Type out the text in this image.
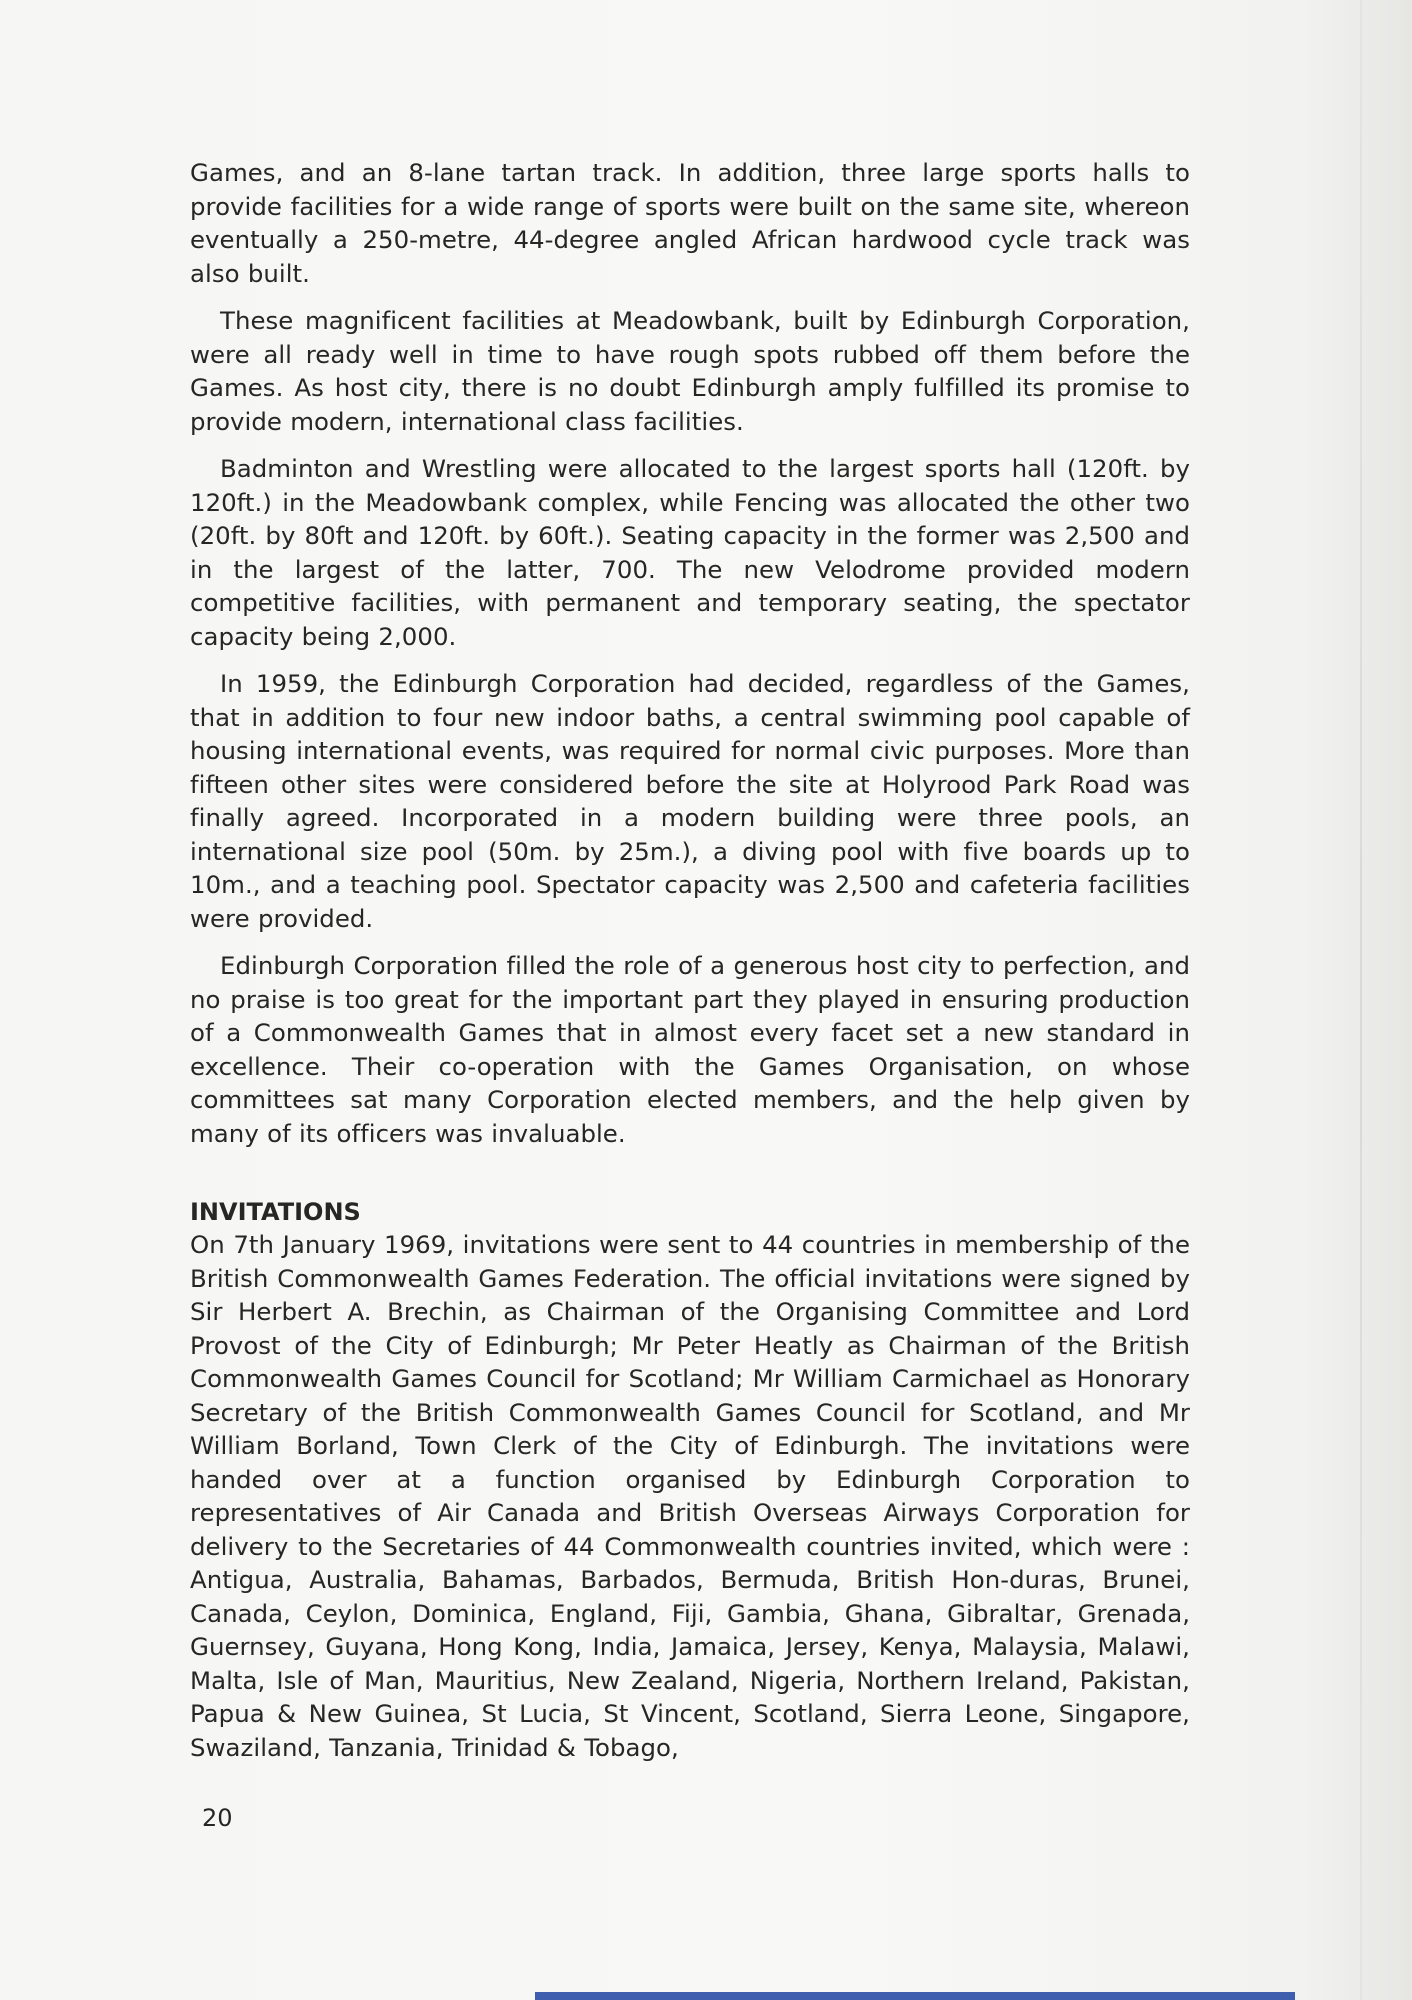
Games, and an 8-lane tartan track. In addition, three large sports halls to provide facilities for a wide range of sports were built on the same site, whereon eventually a 250-metre, 44-degree angled African hardwood cycle track was also built.

These magnificent facilities at Meadowbank, built by Edinburgh Corporation, were all ready well in time to have rough spots rubbed off them before the Games. As host city, there is no doubt Edinburgh amply fulfilled its promise to provide modern, international class facilities.

Badminton and Wrestling were allocated to the largest sports hall (120ft. by 120ft.) in the Meadowbank complex, while Fencing was allocated the other two (20ft. by 80ft and 120ft. by 60ft.). Seating capacity in the former was 2,500 and in the largest of the latter, 700. The new Velodrome provided modern competitive facilities, with permanent and temporary seating, the spectator capacity being 2,000.

In 1959, the Edinburgh Corporation had decided, regardless of the Games, that in addition to four new indoor baths, a central swimming pool capable of housing international events, was required for normal civic purposes. More than fifteen other sites were considered before the site at Holyrood Park Road was finally agreed. Incorporated in a modern building were three pools, an international size pool (50m. by 25m.), a diving pool with five boards up to 10m., and a teaching pool. Spectator capacity was 2,500 and cafeteria facilities were provided.

Edinburgh Corporation filled the role of a generous host city to perfection, and no praise is too great for the important part they played in ensuring production of a Commonwealth Games that in almost every facet set a new standard in excellence. Their co-operation with the Games Organisation, on whose committees sat many Corporation elected members, and the help given by many of its officers was invaluable.

INVITATIONS

On 7th January 1969, invitations were sent to 44 countries in membership of the British Commonwealth Games Federation. The official invitations were signed by Sir Herbert A. Brechin, as Chairman of the Organising Committee and Lord Provost of the City of Edinburgh; Mr Peter Heatly as Chairman of the British Commonwealth Games Council for Scotland; Mr William Carmichael as Honorary Secretary of the British Commonwealth Games Council for Scotland, and Mr William Borland, Town Clerk of the City of Edinburgh. The invitations were handed over at a function organised by Edinburgh Corporation to representatives of Air Canada and British Overseas Airways Corporation for delivery to the Secretaries of 44 Commonwealth countries invited, which were : Antigua, Australia, Bahamas, Barbados, Bermuda, British Hon-duras, Brunei, Canada, Ceylon, Dominica, England, Fiji, Gambia, Ghana, Gibraltar, Grenada, Guernsey, Guyana, Hong Kong, India, Jamaica, Jersey, Kenya, Malaysia, Malawi, Malta, Isle of Man, Mauritius, New Zealand, Nigeria, Northern Ireland, Pakistan, Papua & New Guinea, St Lucia, St Vincent, Scotland, Sierra Leone, Singapore, Swaziland, Tanzania, Trinidad & Tobago,

20
